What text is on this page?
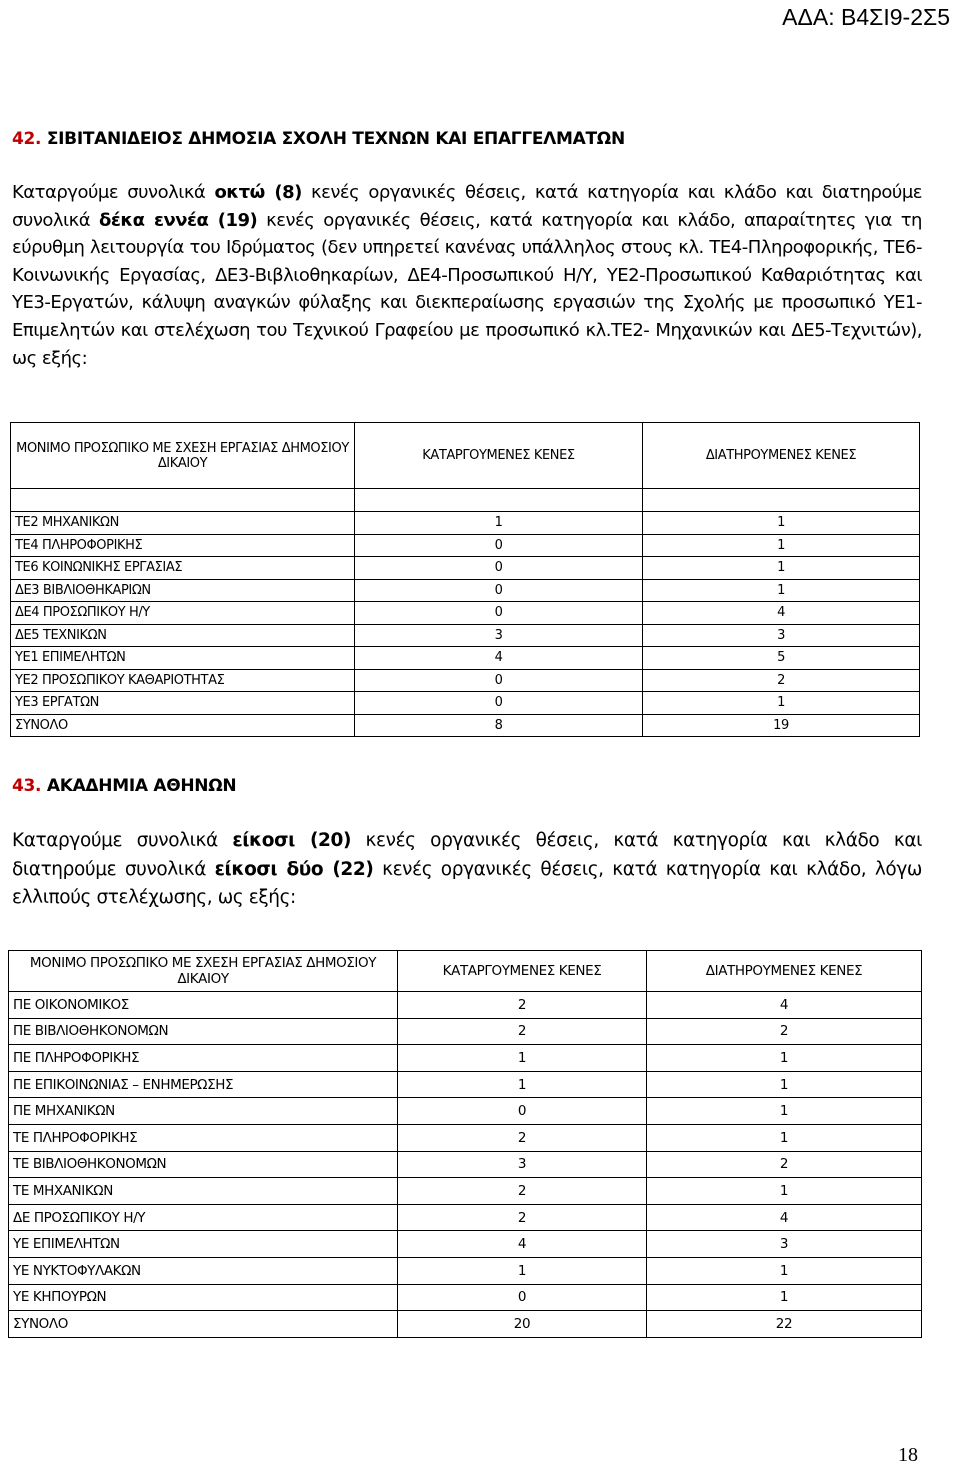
ΑΔΑ: Β4ΣΙ9-2Σ5
42. ΣΙΒΙΤΑΝΙΔΕΙΟΣ ΔΗΜΟΣΙΑ ΣΧΟΛΗ ΤΕΧΝΩΝ ΚΑΙ ΕΠΑΓΓΕΛΜΑΤΩΝ
Καταργούμε συνολικά οκτώ (8) κενές οργανικές θέσεις, κατά κατηγορία και κλάδο και διατηρούμε συνολικά δέκα εννέα (19) κενές οργανικές θέσεις, κατά κατηγορία και κλάδο, απαραίτητες για τη εύρυθμη λειτουργία του Ιδρύματος (δεν υπηρετεί κανένας υπάλληλος στους κλ. ΤΕ4-Πληροφορικής, ΤΕ6-Κοινωνικής Εργασίας, ΔΕ3-Βιβλιοθηκαρίων, ΔΕ4-Προσωπικού Η/Υ, ΥΕ2-Προσωπικού Καθαριότητας και ΥΕ3-Εργατών, κάλυψη αναγκών φύλαξης και διεκπεραίωσης εργασιών της Σχολής με προσωπικό ΥΕ1-Επιμελητών και στελέχωση του Τεχνικού Γραφείου με προσωπικό κλ.ΤΕ2- Μηχανικών και ΔΕ5-Τεχνιτών), ως εξής:
ΜΟΝΙΜΟ ΠΡΟΣΩΠΙΚΟ ΜΕ ΣΧΕΣΗ ΕΡΓΑΣΙΑΣ ΔΗΜΟΣΙΟΥ ΔΙΚΑΙΟΥ	ΚΑΤΑΡΓΟΥΜΕΝΕΣ ΚΕΝΕΣ	ΔΙΑΤΗΡΟΥΜΕΝΕΣ ΚΕΝΕΣ

ΤΕ2 ΜΗΧΑΝΙΚΩΝ	1	1
ΤΕ4 ΠΛΗΡΟΦΟΡΙΚΗΣ	0	1
ΤΕ6 ΚΟΙΝΩΝΙΚΗΣ ΕΡΓΑΣΙΑΣ	0	1
ΔΕ3 ΒΙΒΛΙΟΘΗΚΑΡΙΩΝ	0	1
ΔΕ4 ΠΡΟΣΩΠΙΚΟΥ Η/Υ	0	4
ΔΕ5 ΤΕΧΝΙΚΩΝ	3	3
ΥΕ1 ΕΠΙΜΕΛΗΤΩΝ	4	5
ΥΕ2 ΠΡΟΣΩΠΙΚΟΥ ΚΑΘΑΡΙΟΤΗΤΑΣ	0	2
ΥΕ3 ΕΡΓΑΤΩΝ	0	1
ΣΥΝΟΛΟ	8	19
43. ΑΚΑΔΗΜΙΑ ΑΘΗΝΩΝ
Καταργούμε συνολικά είκοσι (20) κενές οργανικές θέσεις, κατά κατηγορία και κλάδο και διατηρούμε συνολικά είκοσι δύο (22) κενές οργανικές θέσεις, κατά κατηγορία και κλάδο, λόγω ελλιπούς στελέχωσης, ως εξής:
ΜΟΝΙΜΟ ΠΡΟΣΩΠΙΚΟ ΜΕ ΣΧΕΣΗ ΕΡΓΑΣΙΑΣ ΔΗΜΟΣΙΟΥ ΔΙΚΑΙΟΥ	ΚΑΤΑΡΓΟΥΜΕΝΕΣ ΚΕΝΕΣ	ΔΙΑΤΗΡΟΥΜΕΝΕΣ ΚΕΝΕΣ
ΠΕ ΟΙΚΟΝΟΜΙΚΟΣ	2	4
ΠΕ ΒΙΒΛΙΟΘΗΚΟΝΟΜΩΝ	2	2
ΠΕ ΠΛΗΡΟΦΟΡΙΚΗΣ	1	1
ΠΕ ΕΠΙΚΟΙΝΩΝΙΑΣ – ΕΝΗΜΕΡΩΣΗΣ	1	1
ΠΕ ΜΗΧΑΝΙΚΩΝ	0	1
ΤΕ ΠΛΗΡΟΦΟΡΙΚΗΣ	2	1
ΤΕ ΒΙΒΛΙΟΘΗΚΟΝΟΜΩΝ	3	2
ΤΕ ΜΗΧΑΝΙΚΩΝ	2	1
ΔΕ ΠΡΟΣΩΠΙΚΟΥ Η/Υ	2	4
ΥΕ ΕΠΙΜΕΛΗΤΩΝ	4	3
ΥΕ ΝΥΚΤΟΦΥΛΑΚΩΝ	1	1
ΥΕ ΚΗΠΟΥΡΩΝ	0	1
ΣΥΝΟΛΟ	20	22
18
